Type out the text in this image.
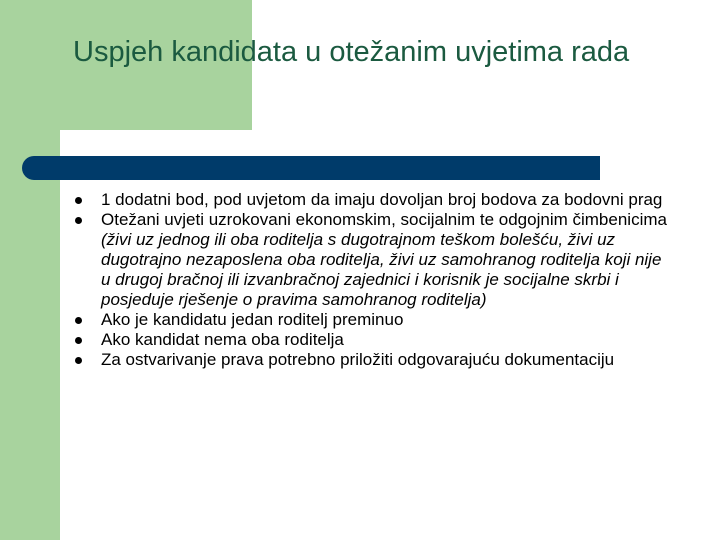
Uspjeh kandidata u otežanim uvjetima rada
1 dodatni bod, pod uvjetom da imaju dovoljan broj bodova za bodovni prag
Otežani uvjeti uzrokovani ekonomskim, socijalnim te odgojnim čimbenicima (živi uz jednog ili oba roditelja s dugotrajnom teškom bolešću, živi uz dugotrajno nezaposlena oba roditelja, živi uz samohranog roditelja koji nije u drugoj bračnoj ili izvanbračnoj zajednici i korisnik je socijalne skrbi i posjeduje rješenje o pravima samohranog roditelja)
Ako je kandidatu jedan roditelj preminuo
Ako kandidat nema oba roditelja
Za ostvarivanje prava potrebno priložiti odgovarajuću dokumentaciju
